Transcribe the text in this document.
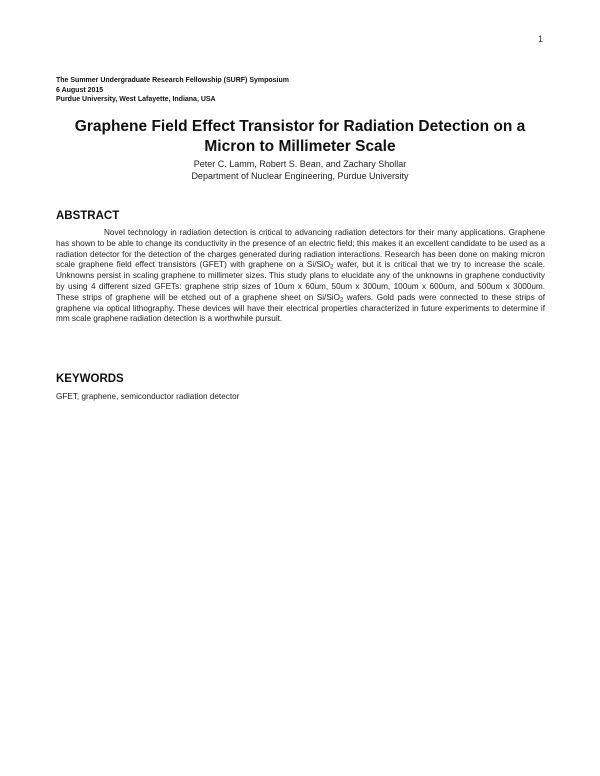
1
The Summer Undergraduate Research Fellowship (SURF) Symposium
6 August 2015
Purdue University, West Lafayette, Indiana, USA
Graphene Field Effect Transistor for Radiation Detection on a
Micron to Millimeter Scale
Peter C. Lamm, Robert S. Bean, and Zachary Shollar
Department of Nuclear Engineering, Purdue University
ABSTRACT

Novel technology in radiation detection is critical to advancing radiation detectors for their many applications. Graphene has shown to be able to change its conductivity in the presence of an electric field; this makes it an excellent candidate to be used as a radiation detector for the detection of the charges generated during radiation interactions. Research has been done on making micron scale graphene field effect transistors (GFET) with graphene on a Si/SiO$_2$ wafer, but it is critical that we try to increase the scale. Unknowns persist in scaling graphene to millimeter sizes. This study plans to elucidate any of the unknowns in graphene conductivity by using 4 different sized GFETs: graphene strip sizes of 10um x 60um, 50um x 300um, 100um x 600um, and 500um x 3000um. These strips of graphene will be etched out of a graphene sheet on Si/SiO$_2$ wafers. Gold pads were connected to these strips of graphene via optical lithography. These devices will have their electrical properties characterized in future experiments to determine if mm scale graphene radiation detection is a worthwhile pursuit.

KEYWORDS
GFET, graphene, semiconductor radiation detector
